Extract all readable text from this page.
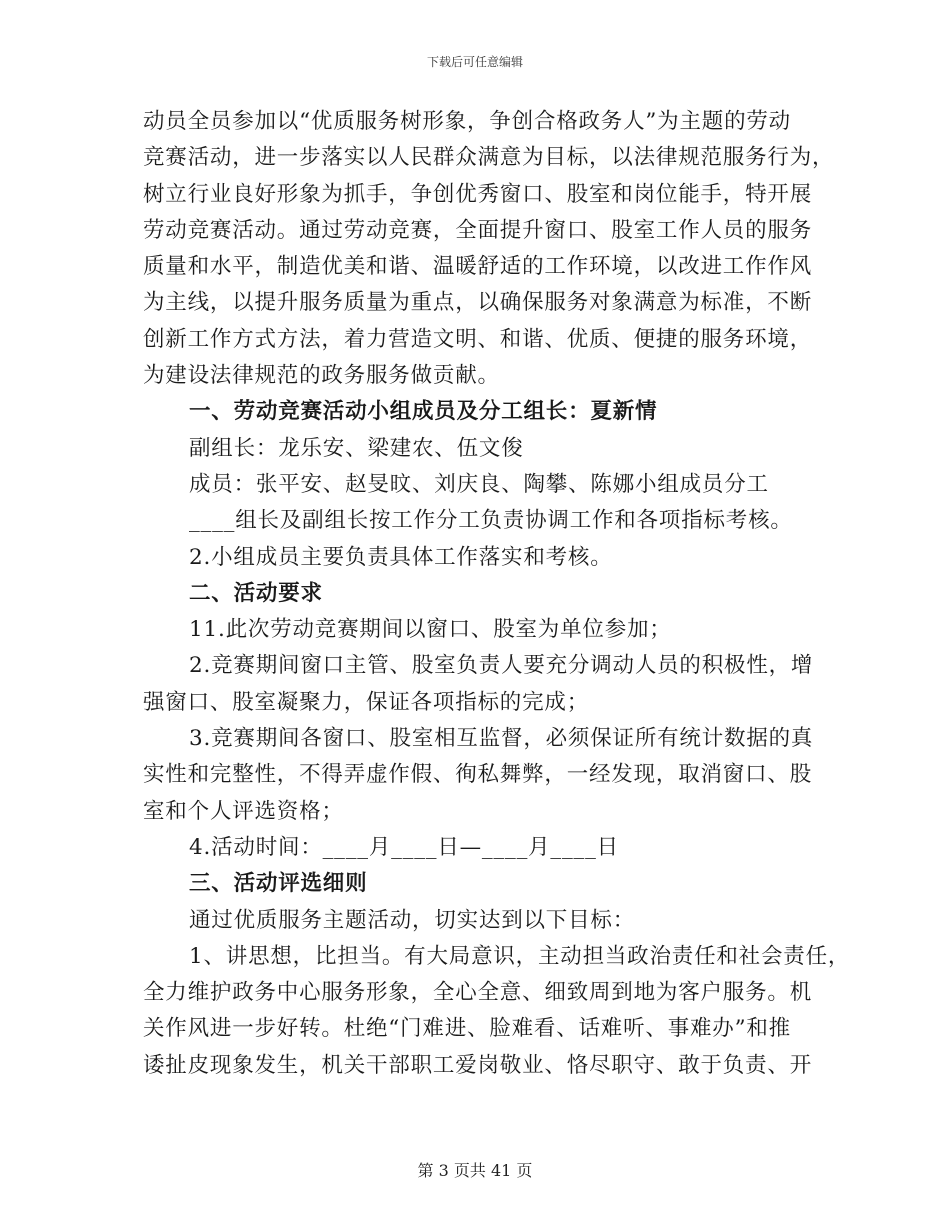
下载后可任意编辑
动员全员参加以“优质服务树形象，争创合格政务人”为主题的劳动
竞赛活动，进一步落实以人民群众满意为目标，以法律规范服务行为，
树立行业良好形象为抓手，争创优秀窗口、股室和岗位能手，特开展
劳动竞赛活动。通过劳动竞赛，全面提升窗口、股室工作人员的服务
质量和水平，制造优美和谐、温暖舒适的工作环境，以改进工作作风
为主线，以提升服务质量为重点，以确保服务对象满意为标准，不断
创新工作方式方法，着力营造文明、和谐、优质、便捷的服务环境，
为建设法律规范的政务服务做贡献。
一、劳动竞赛活动小组成员及分工组长：夏新情
副组长：龙乐安、梁建农、伍文俊
成员：张平安、赵旻旼、刘庆良、陶攀、陈娜小组成员分工
____组长及副组长按工作分工负责协调工作和各项指标考核。
2.小组成员主要负责具体工作落实和考核。
二、活动要求
11.此次劳动竞赛期间以窗口、股室为单位参加；
2.竞赛期间窗口主管、股室负责人要充分调动人员的积极性，增
强窗口、股室凝聚力，保证各项指标的完成；
3.竞赛期间各窗口、股室相互监督，必须保证所有统计数据的真
实性和完整性，不得弄虚作假、徇私舞弊，一经发现，取消窗口、股
室和个人评选资格；
4.活动时间：____月____日—____月____日
三、活动评选细则
通过优质服务主题活动，切实达到以下目标：
1、讲思想，比担当。有大局意识，主动担当政治责任和社会责任，
全力维护政务中心服务形象，全心全意、细致周到地为客户服务。机
关作风进一步好转。杜绝“门难进、脸难看、话难听、事难办”和推
诿扯皮现象发生，机关干部职工爱岗敬业、恪尽职守、敢于负责、开
第 3 页共 41 页
